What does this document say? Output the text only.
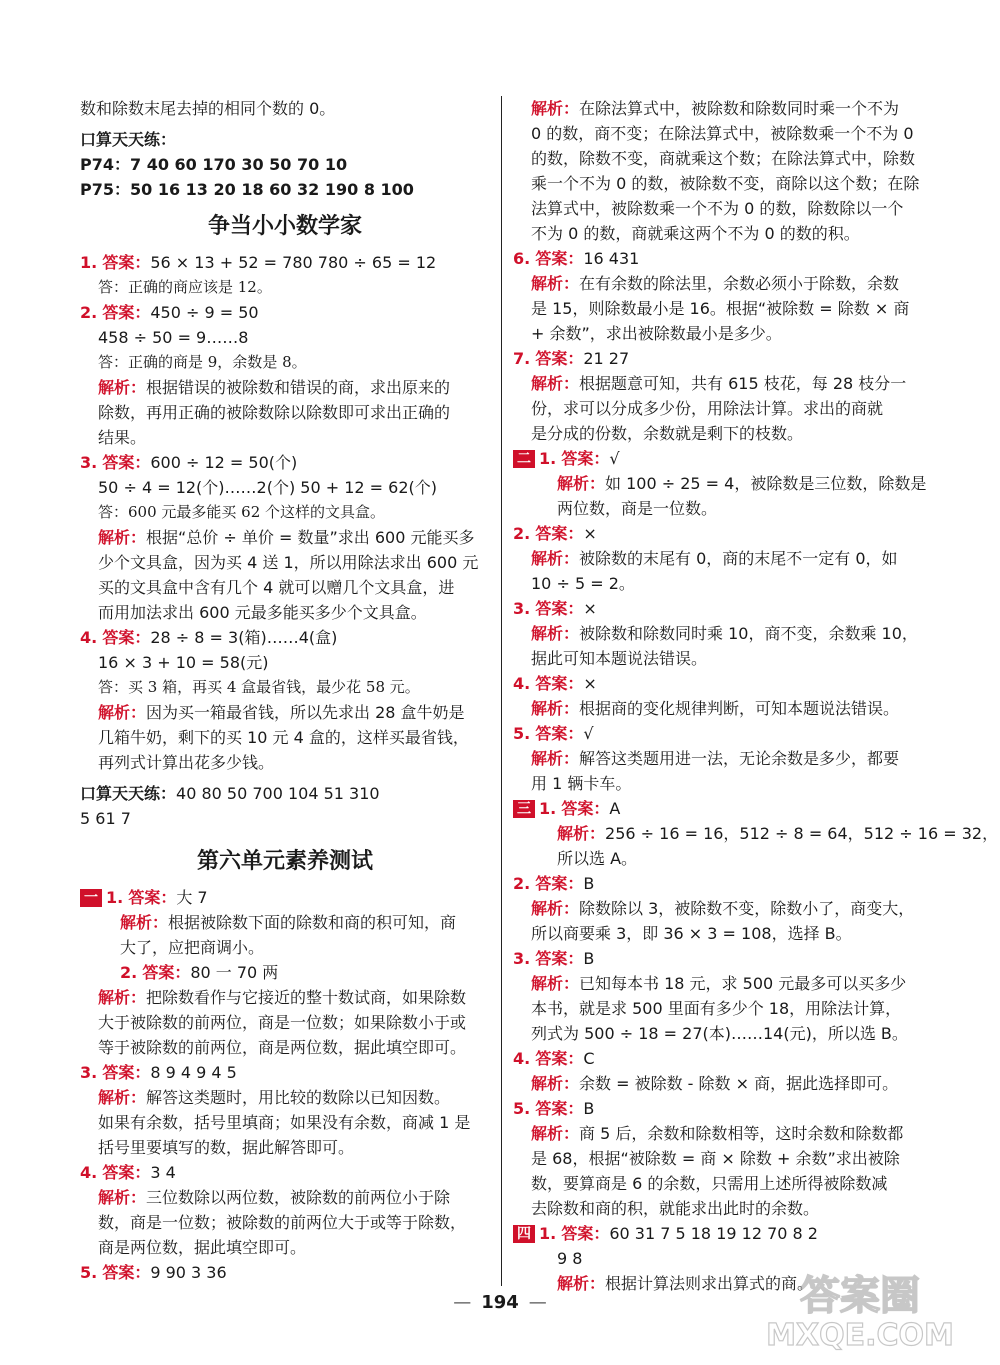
数和除数末尾去掉的相同个数的 0。
口算天天练：
P74：7 40 60 170 30 50 70 10
P75：50 16 13 20 18 60 32 190 8 100
争当小小数学家
1. 答案：56 × 13 + 52 = 780 780 ÷ 65 = 12
答：正确的商应该是 12。
2. 答案：450 ÷ 9 = 50
458 ÷ 50 = 9……8
答：正确的商是 9，余数是 8。
解析：根据错误的被除数和错误的商，求出原来的
除数，再用正确的被除数除以除数即可求出正确的
结果。
3. 答案：600 ÷ 12 = 50(个)
50 ÷ 4 = 12(个)……2(个) 50 + 12 = 62(个)
答：600 元最多能买 62 个这样的文具盒。
解析：根据“总价 ÷ 单价 = 数量”求出 600 元能买多
少个文具盒，因为买 4 送 1，所以用除法求出 600 元
买的文具盒中含有几个 4 就可以赠几个文具盒，进
而用加法求出 600 元最多能买多少个文具盒。
4. 答案：28 ÷ 8 = 3(箱)……4(盒)
16 × 3 + 10 = 58(元)
答：买 3 箱，再买 4 盒最省钱，最少花 58 元。
解析：因为买一箱最省钱，所以先求出 28 盒牛奶是
几箱牛奶，剩下的买 10 元 4 盒的，这样买最省钱，
再列式计算出花多少钱。
口算天天练：40 80 50 700 104 51 310
5 61 7
第六单元素养测试
一 1. 答案：大 7
解析：根据被除数下面的除数和商的积可知，商
大了，应把商调小。
2. 答案：80 一 70 两
解析：把除数看作与它接近的整十数试商，如果除数
大于被除数的前两位，商是一位数；如果除数小于或
等于被除数的前两位，商是两位数，据此填空即可。
3. 答案：8 9 4 9 4 5
解析：解答这类题时，用比较的数除以已知因数。
如果有余数，括号里填商；如果没有余数，商减 1 是
括号里要填写的数，据此解答即可。
4. 答案：3 4
解析：三位数除以两位数，被除数的前两位小于除
数，商是一位数；被除数的前两位大于或等于除数，
商是两位数，据此填空即可。
5. 答案：9 90 3 36
解析：在除法算式中，被除数和除数同时乘一个不为
0 的数，商不变；在除法算式中，被除数乘一个不为 0
的数，除数不变，商就乘这个数；在除法算式中，除数
乘一个不为 0 的数，被除数不变，商除以这个数；在除
法算式中，被除数乘一个不为 0 的数，除数除以一个
不为 0 的数，商就乘这两个不为 0 的数的积。
6. 答案：16 431
解析：在有余数的除法里，余数必须小于除数，余数
是 15，则除数最小是 16。根据“被除数 = 除数 × 商
+ 余数”，求出被除数最小是多少。
7. 答案：21 27
解析：根据题意可知，共有 615 枝花，每 28 枝分一
份，求可以分成多少份，用除法计算。求出的商就
是分成的份数，余数就是剩下的枝数。
二 1. 答案：√
解析：如 100 ÷ 25 = 4，被除数是三位数，除数是
两位数，商是一位数。
2. 答案：×
解析：被除数的末尾有 0，商的末尾不一定有 0，如
10 ÷ 5 = 2。
3. 答案：×
解析：被除数和除数同时乘 10，商不变，余数乘 10，
据此可知本题说法错误。
4. 答案：×
解析：根据商的变化规律判断，可知本题说法错误。
5. 答案：√
解析：解答这类题用进一法，无论余数是多少，都要
用 1 辆卡车。
三 1. 答案：A
解析：256 ÷ 16 = 16，512 ÷ 8 = 64，512 ÷ 16 = 32，
所以选 A。
2. 答案：B
解析：除数除以 3，被除数不变，除数小了，商变大，
所以商要乘 3，即 36 × 3 = 108，选择 B。
3. 答案：B
解析：已知每本书 18 元，求 500 元最多可以买多少
本书，就是求 500 里面有多少个 18，用除法计算，
列式为 500 ÷ 18 = 27(本)……14(元)，所以选 B。
4. 答案：C
解析：余数 = 被除数 - 除数 × 商，据此选择即可。
5. 答案：B
解析：商 5 后，余数和除数相等，这时余数和除数都
是 68，根据“被除数 = 商 × 除数 + 余数”求出被除
数，要算商是 6 的余数，只需用上述所得被除数减
去除数和商的积，就能求出此时的余数。
四 1. 答案：60 31 7 5 18 19 12 70 8 2
9 8
解析：根据计算法则求出算式的商。
— 194 —	答案圈
MXQE.COM
